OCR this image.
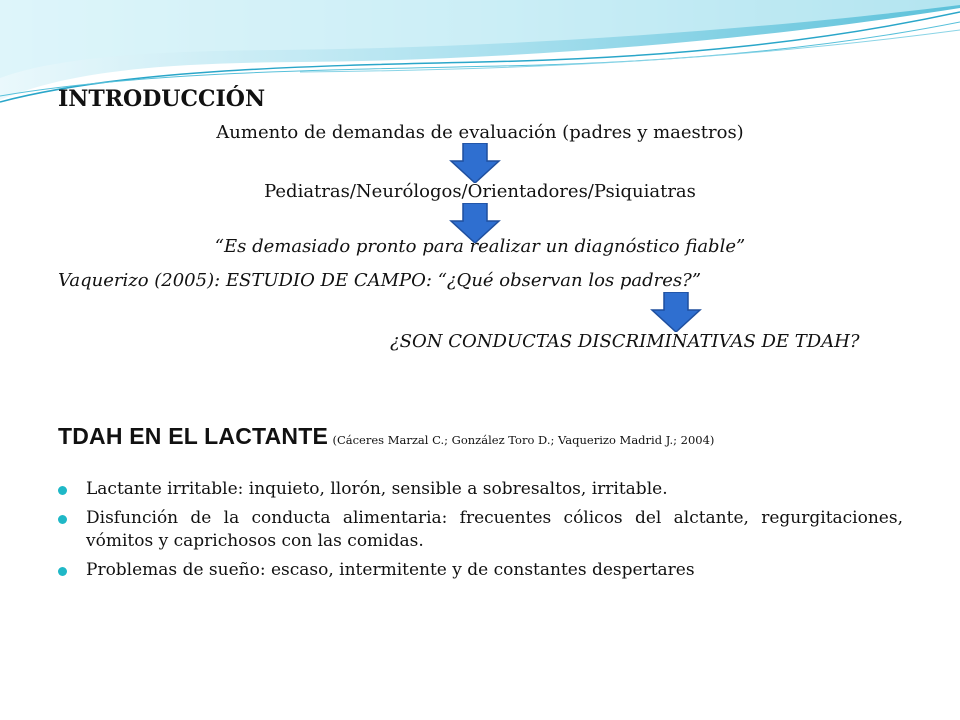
INTRODUCCIÓN
Aumento de demandas de evaluación (padres y maestros)
Pediatras/Neurólogos/Orientadores/Psiquiatras
“Es demasiado pronto para realizar un diagnóstico fiable”
Vaquerizo (2005): ESTUDIO DE CAMPO: “¿Qué observan los padres?”
¿SON CONDUCTAS DISCRIMINATIVAS DE TDAH?
TDAH EN EL LACTANTE (Cáceres Marzal C.; González Toro D.; Vaquerizo Madrid J.; 2004)
Lactante irritable: inquieto, llorón, sensible a sobresaltos, irritable.
Disfunción de la conducta alimentaria: frecuentes cólicos del alctante, regurgitaciones, vómitos y caprichosos con las comidas.
Problemas de sueño: escaso, intermitente y de constantes despertares
